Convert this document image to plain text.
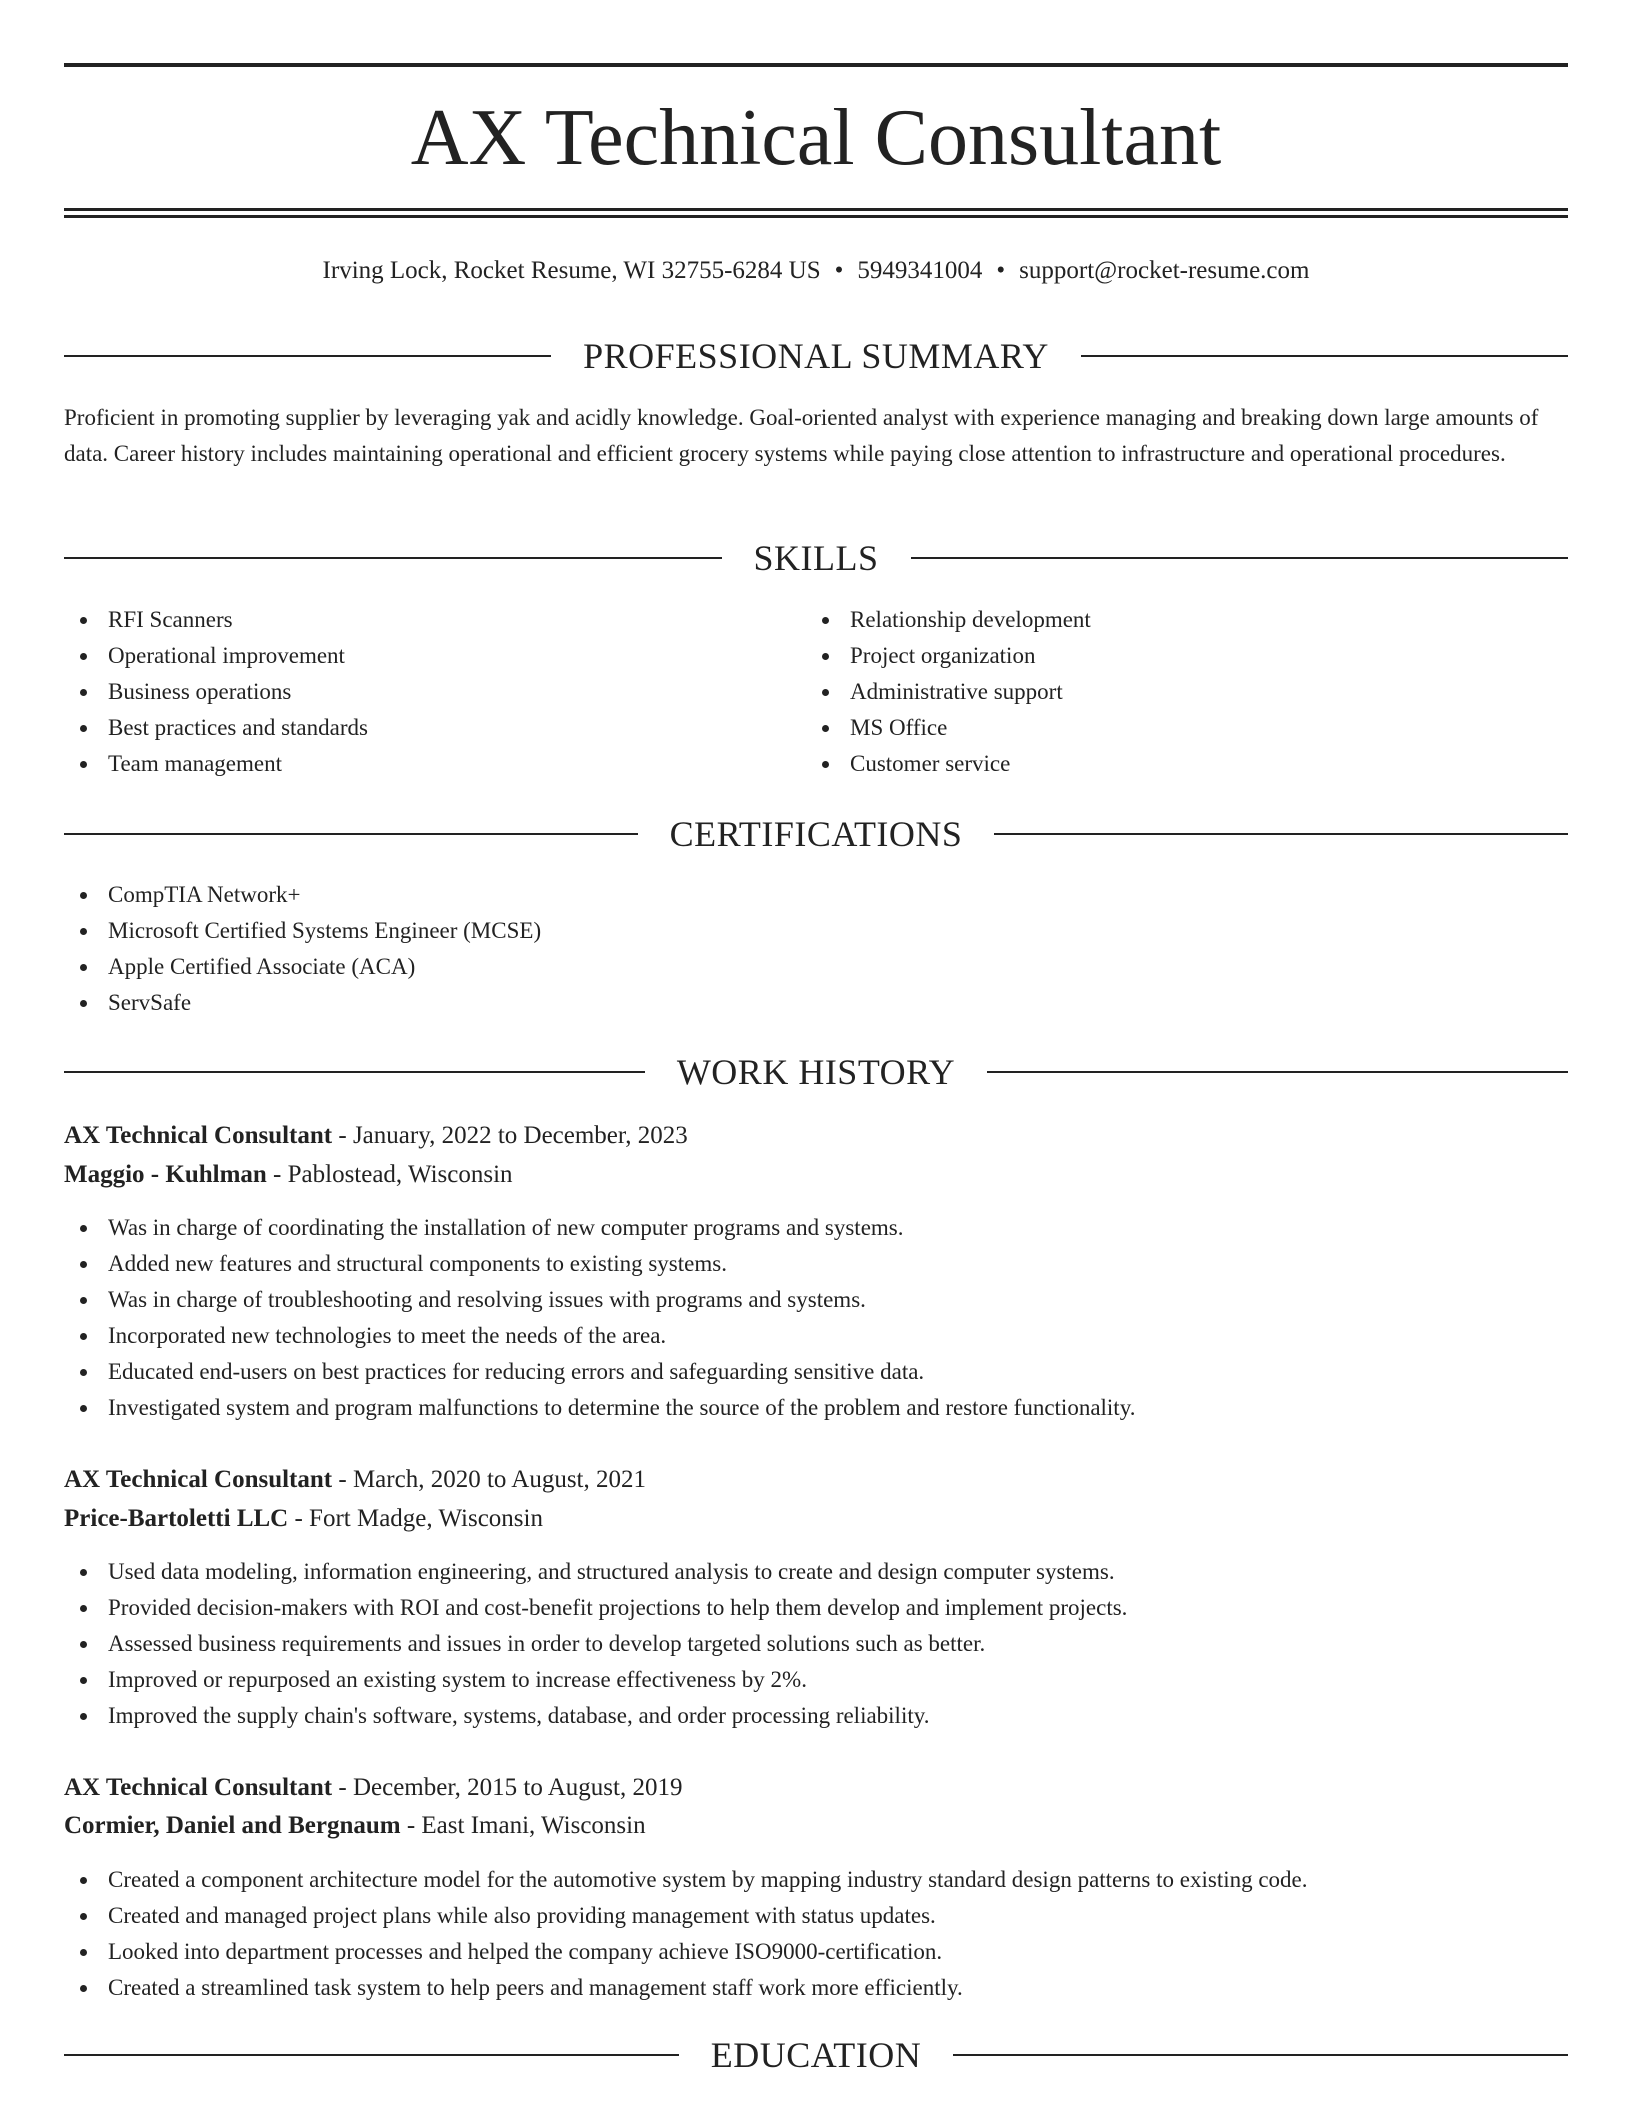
AX Technical Consultant
Irving Lock, Rocket Resume, WI 32755-6284 US • 5949341004 • support@rocket-resume.com
PROFESSIONAL SUMMARY

Proficient in promoting supplier by leveraging yak and acidly knowledge. Goal-oriented analyst with experience managing and breaking down large amounts of data. Career history includes maintaining operational and efficient grocery systems while paying close attention to infrastructure and operational procedures.

SKILLS
RFI Scanners
Operational improvement
Business operations
Best practices and standards
Team management
Relationship development
Project organization
Administrative support
MS Office
Customer service
CERTIFICATIONS
CompTIA Network+
Microsoft Certified Systems Engineer (MCSE)
Apple Certified Associate (ACA)
ServSafe
WORK HISTORY
AX Technical Consultant - January, 2022 to December, 2023
Maggio - Kuhlman - Pablostead, Wisconsin
Was in charge of coordinating the installation of new computer programs and systems.
Added new features and structural components to existing systems.
Was in charge of troubleshooting and resolving issues with programs and systems.
Incorporated new technologies to meet the needs of the area.
Educated end-users on best practices for reducing errors and safeguarding sensitive data.
Investigated system and program malfunctions to determine the source of the problem and restore functionality.
AX Technical Consultant - March, 2020 to August, 2021
Price-Bartoletti LLC - Fort Madge, Wisconsin
Used data modeling, information engineering, and structured analysis to create and design computer systems.
Provided decision-makers with ROI and cost-benefit projections to help them develop and implement projects.
Assessed business requirements and issues in order to develop targeted solutions such as better.
Improved or repurposed an existing system to increase effectiveness by 2%.
Improved the supply chain's software, systems, database, and order processing reliability.
AX Technical Consultant - December, 2015 to August, 2019
Cormier, Daniel and Bergnaum - East Imani, Wisconsin
Created a component architecture model for the automotive system by mapping industry standard design patterns to existing code.
Created and managed project plans while also providing management with status updates.
Looked into department processes and helped the company achieve ISO9000-certification.
Created a streamlined task system to help peers and management staff work more efficiently.
EDUCATION
